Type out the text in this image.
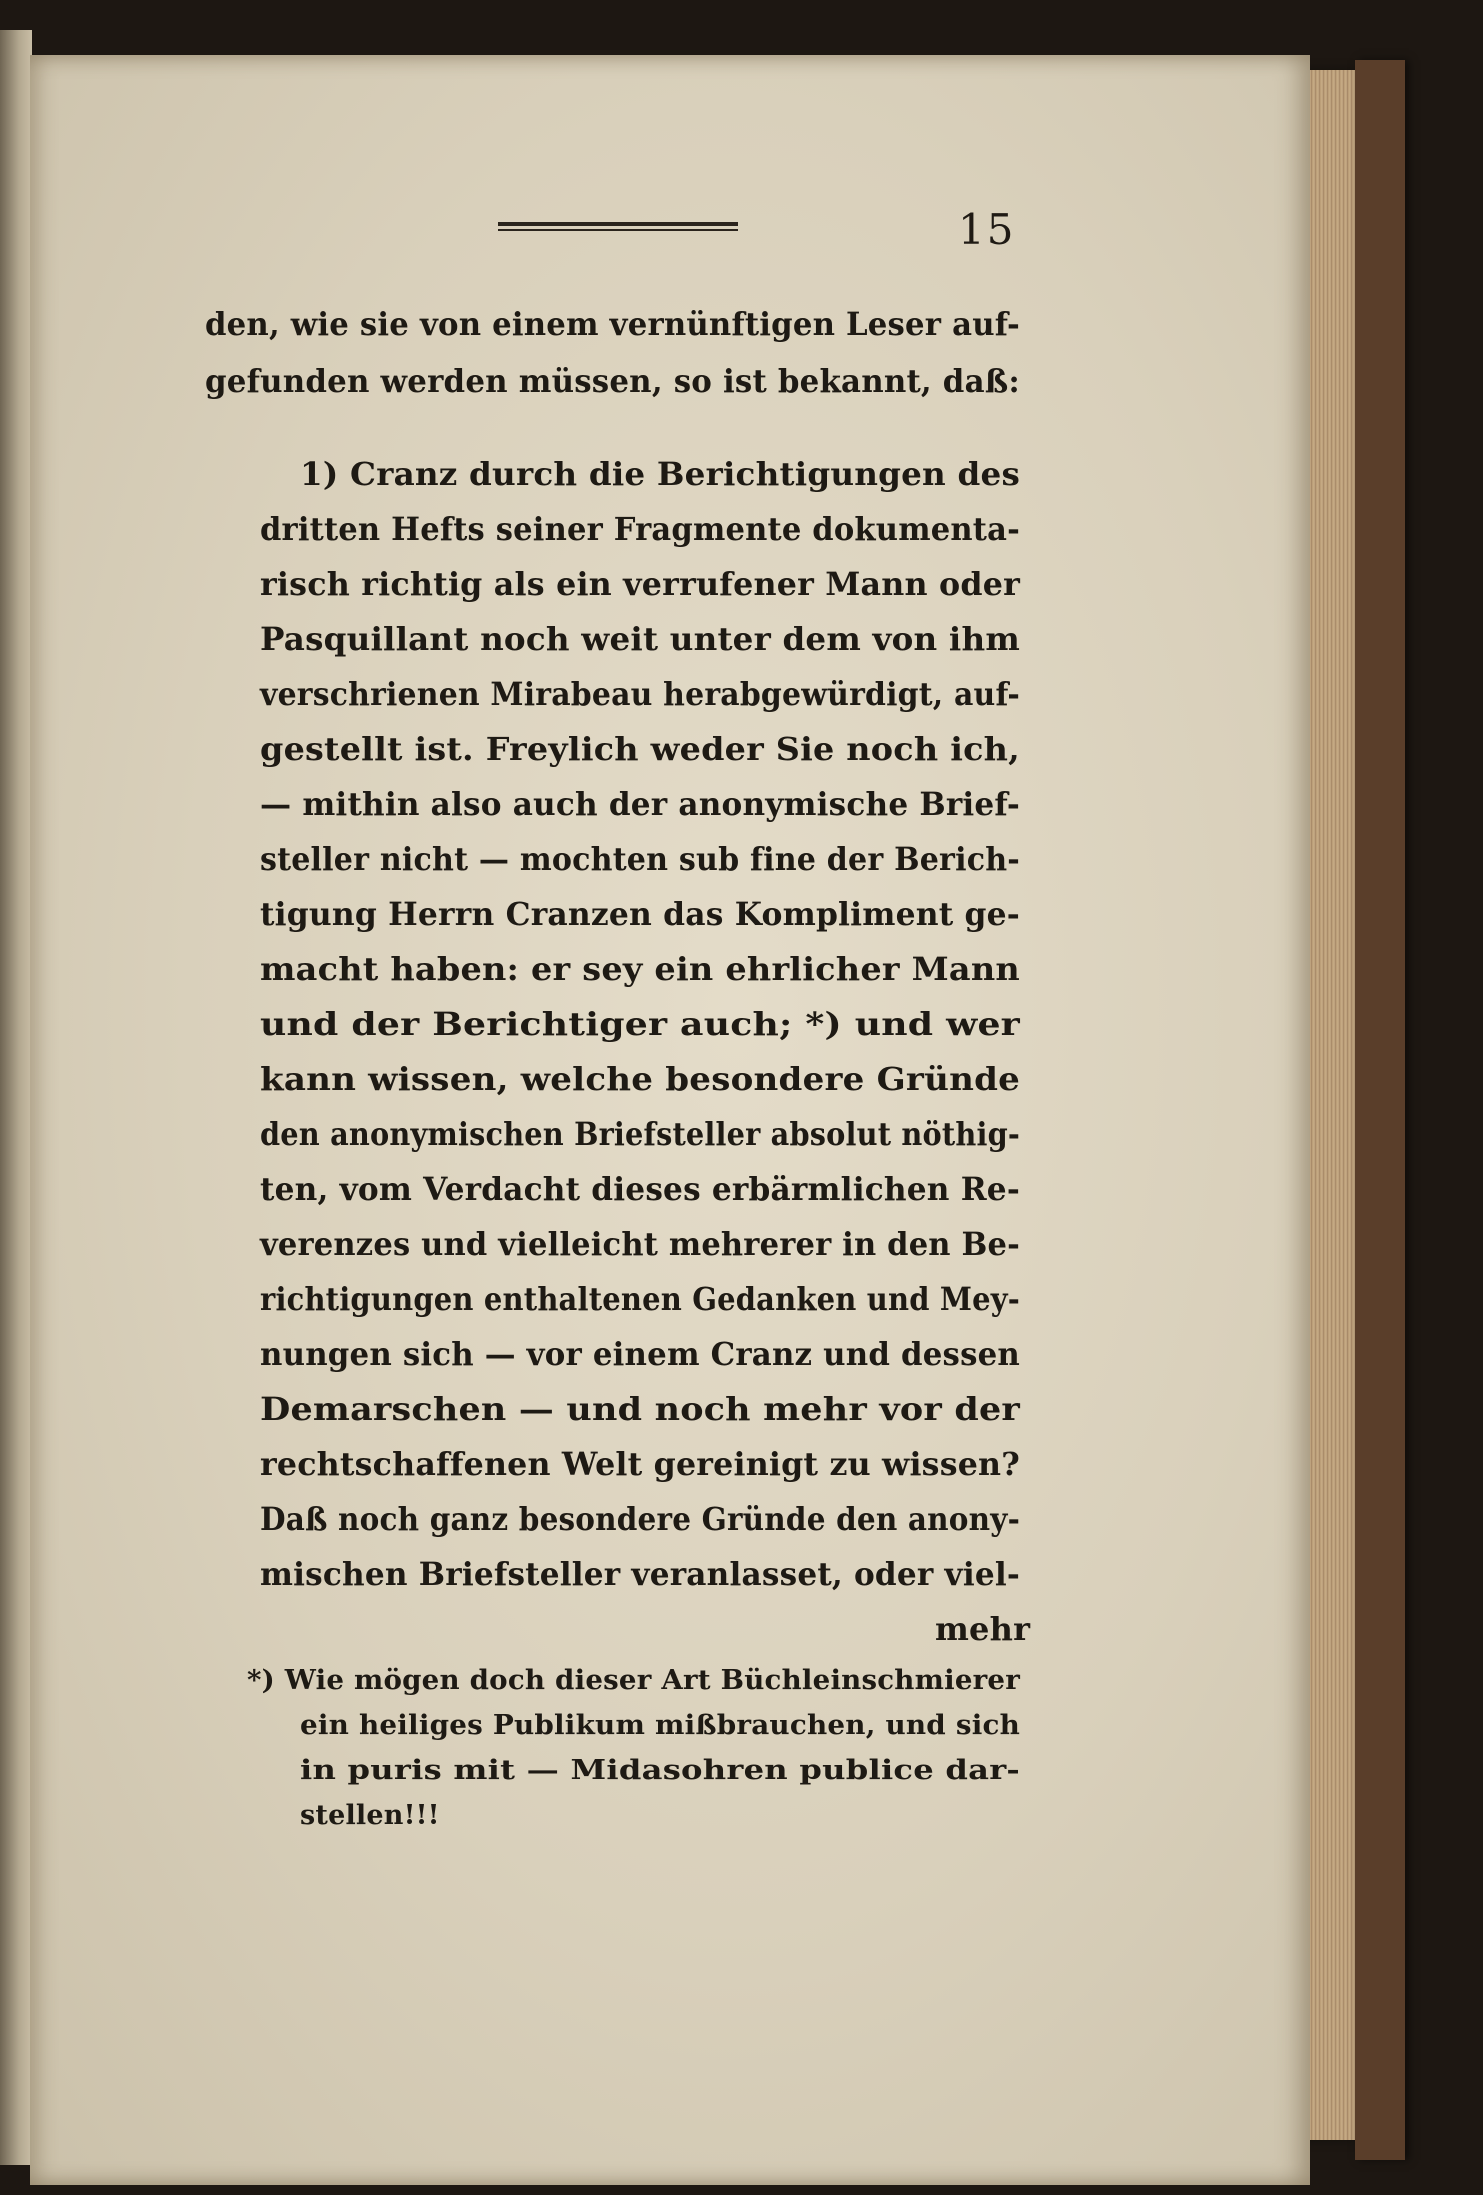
15
den, wie sie von einem vernünftigen Leser auf-
gefunden werden müssen, so ist bekannt, daß:
1) Cranz durch die Berichtigungen des
dritten Hefts seiner Fragmente dokumenta-
risch richtig als ein verrufener Mann oder
Pasquillant noch weit unter dem von ihm
verschrienen Mirabeau herabgewürdigt, auf-
gestellt ist. Freylich weder Sie noch ich,
— mithin also auch der anonymische Brief-
steller nicht — mochten sub fine der Berich-
tigung Herrn Cranzen das Kompliment ge-
macht haben: er sey ein ehrlicher Mann
und der Berichtiger auch; *) und wer
kann wissen, welche besondere Gründe
den anonymischen Briefsteller absolut nöthig-
ten, vom Verdacht dieses erbärmlichen Re-
verenzes und vielleicht mehrerer in den Be-
richtigungen enthaltenen Gedanken und Mey-
nungen sich — vor einem Cranz und dessen
Demarschen — und noch mehr vor der
rechtschaffenen Welt gereinigt zu wissen?
Daß noch ganz besondere Gründe den anony-
mischen Briefsteller veranlasset, oder viel-
mehr
*) Wie mögen doch dieser Art Büchleinschmierer
ein heiliges Publikum mißbrauchen, und sich
in puris mit — Midasohren publice dar-
stellen!!!
